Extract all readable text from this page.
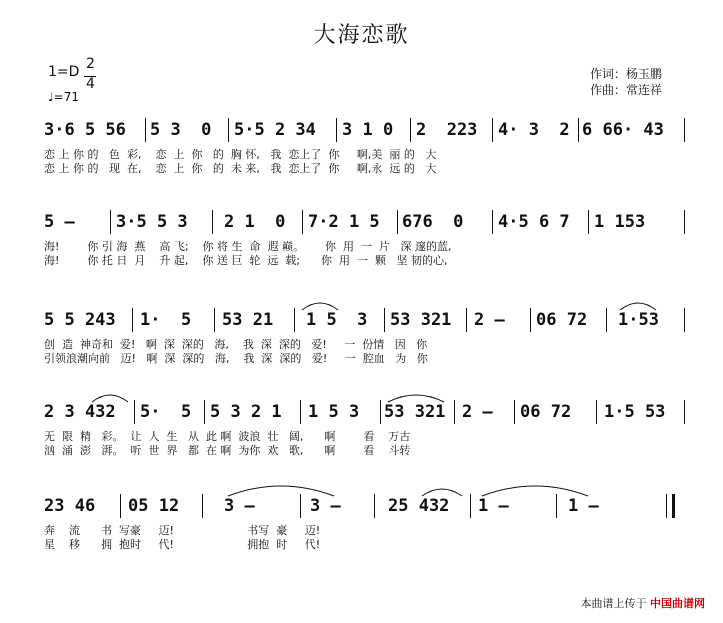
大海恋歌
1=D 2
4
♩=71
作词：杨玉鹏
作曲：常连祥
3·6 5 56 5 3  0 5·5 2 34 3 1 0 2  223 4· 3  2 6 66· 43
恋 上 你 的   色  彩,    恋  上  你   的  胸 怀,   我  恋上了  你     啊,美  丽 的   大
恋 上 你 的   现  在,    恋  上  你   的  未 来,   我  恋上了  你     啊,永  远 的   大
5 — 3·5 5 3 2 1  0 7·2 1 5 676  0 4·5 6 7 1 153
海!        你 引 海  燕    高 飞;    你 将 生  命  遐 巅。      你  用  一  片   深 邃的蓝,
海!        你 托 日  月    升 起,    你 送 巨  轮  远  载;      你  用  一  颗   坚 韧的心,
5 5 243 1·  5 53 21 1 5  3 53 321 2 — 06 72 1·53
创  造  神奇和  爱!   啊  深  深的   海,    我  深  深的   爱!     一  份情   因   你
引领浪潮向前   迈!   啊  深  深的   海,    我  深  深的   爱!     一  腔血   为   你
2 3 432 5·  5 5 3 2 1 1 5 3 53 321 2 — 06 72 1·5 53
无  限  精   彩。  让  人  生   从  此 啊  波浪  壮   阔,      啊        看    万古
汹  涌  澎   湃。  听  世  界   都  在 啊  为你  欢   歌,      啊        看    斗转
23 46 05 12	3 —	3 —	25 432 1 —	1 —
奔    流      书  写豪     迈!                     书写  豪     迈!
星    移      拥  抱时     代!                     拥抱  时     代!
本曲谱上传于 中国曲谱网
